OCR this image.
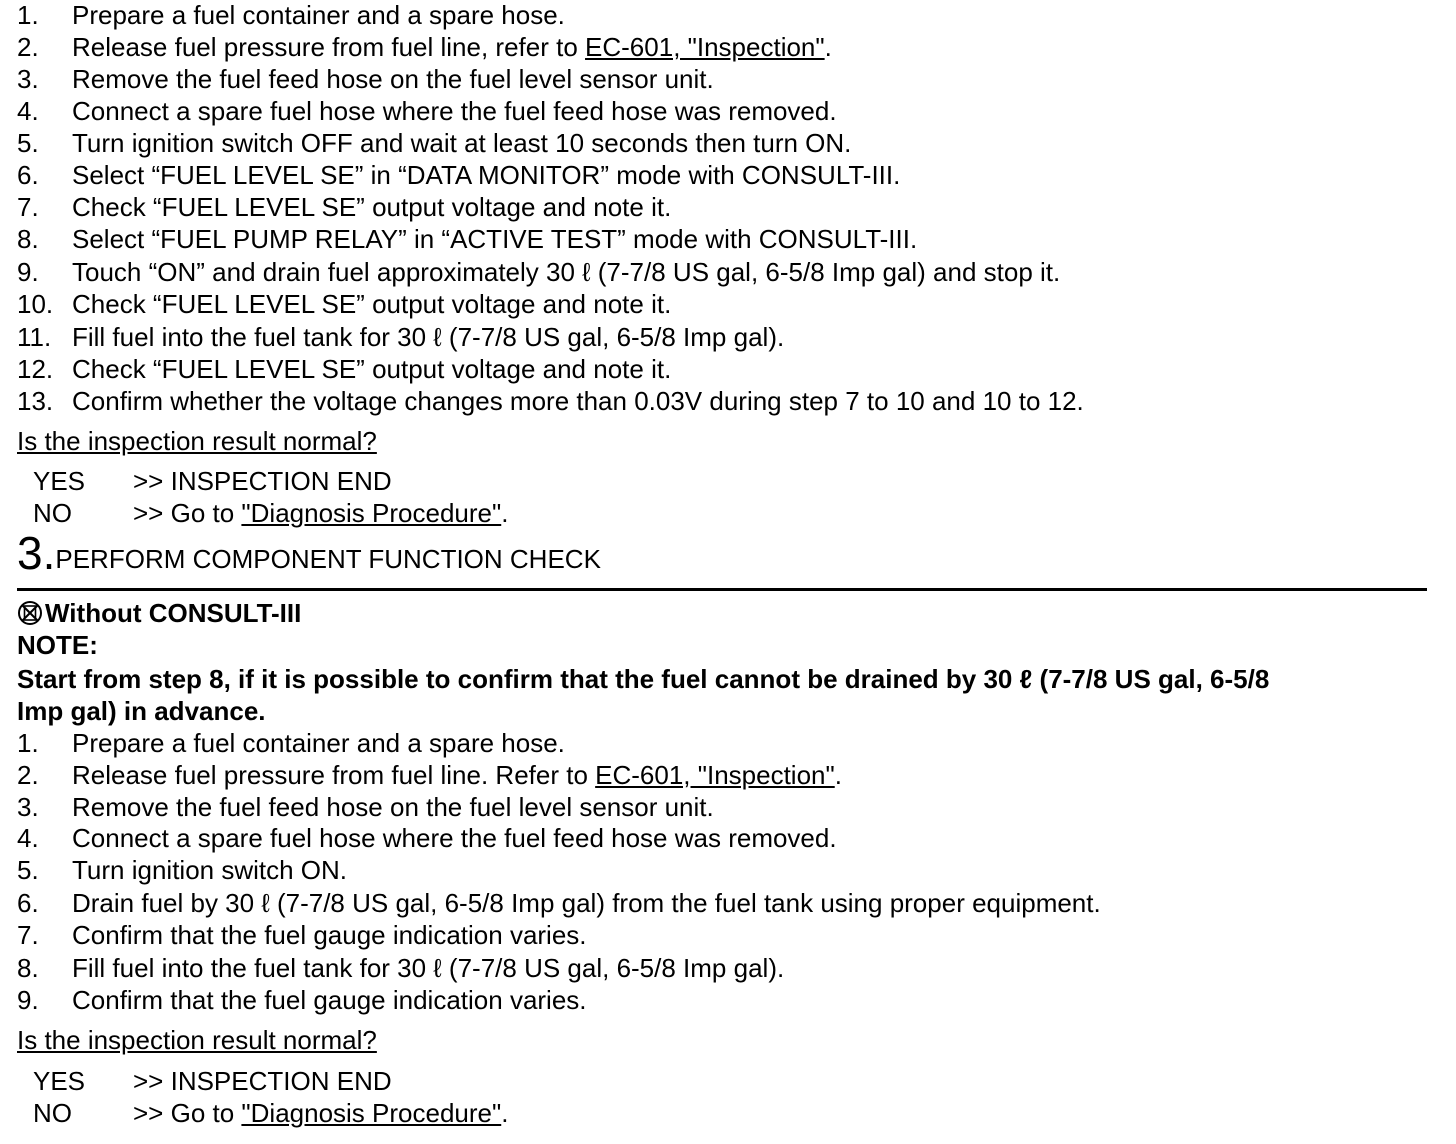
1. Prepare a fuel container and a spare hose.
2. Release fuel pressure from fuel line, refer to EC-601, "Inspection".
3. Remove the fuel feed hose on the fuel level sensor unit.
4. Connect a spare fuel hose where the fuel feed hose was removed.
5. Turn ignition switch OFF and wait at least 10 seconds then turn ON.
6. Select “FUEL LEVEL SE” in “DATA MONITOR” mode with CONSULT-III.
7. Check “FUEL LEVEL SE” output voltage and note it.
8. Select “FUEL PUMP RELAY” in “ACTIVE TEST” mode with CONSULT-III.
9. Touch “ON” and drain fuel approximately 30 ℓ (7-7/8 US gal, 6-5/8 Imp gal) and stop it.
10. Check “FUEL LEVEL SE” output voltage and note it.
11. Fill fuel into the fuel tank for 30 ℓ (7-7/8 US gal, 6-5/8 Imp gal).
12. Check “FUEL LEVEL SE” output voltage and note it.
13. Confirm whether the voltage changes more than 0.03V during step 7 to 10 and 10 to 12.
Is the inspection result normal?
YES >> INSPECTION END
NO >> Go to "Diagnosis Procedure".
3.PERFORM COMPONENT FUNCTION CHECK
Without CONSULT-III
NOTE:
Start from step 8, if it is possible to confirm that the fuel cannot be drained by 30 ℓ (7-7/8 US gal, 6-5/8
Imp gal) in advance.
1. Prepare a fuel container and a spare hose.
2. Release fuel pressure from fuel line. Refer to EC-601, "Inspection".
3. Remove the fuel feed hose on the fuel level sensor unit.
4. Connect a spare fuel hose where the fuel feed hose was removed.
5. Turn ignition switch ON.
6. Drain fuel by 30 ℓ (7-7/8 US gal, 6-5/8 Imp gal) from the fuel tank using proper equipment.
7. Confirm that the fuel gauge indication varies.
8. Fill fuel into the fuel tank for 30 ℓ (7-7/8 US gal, 6-5/8 Imp gal).
9. Confirm that the fuel gauge indication varies.
Is the inspection result normal?
YES >> INSPECTION END
NO >> Go to "Diagnosis Procedure".
